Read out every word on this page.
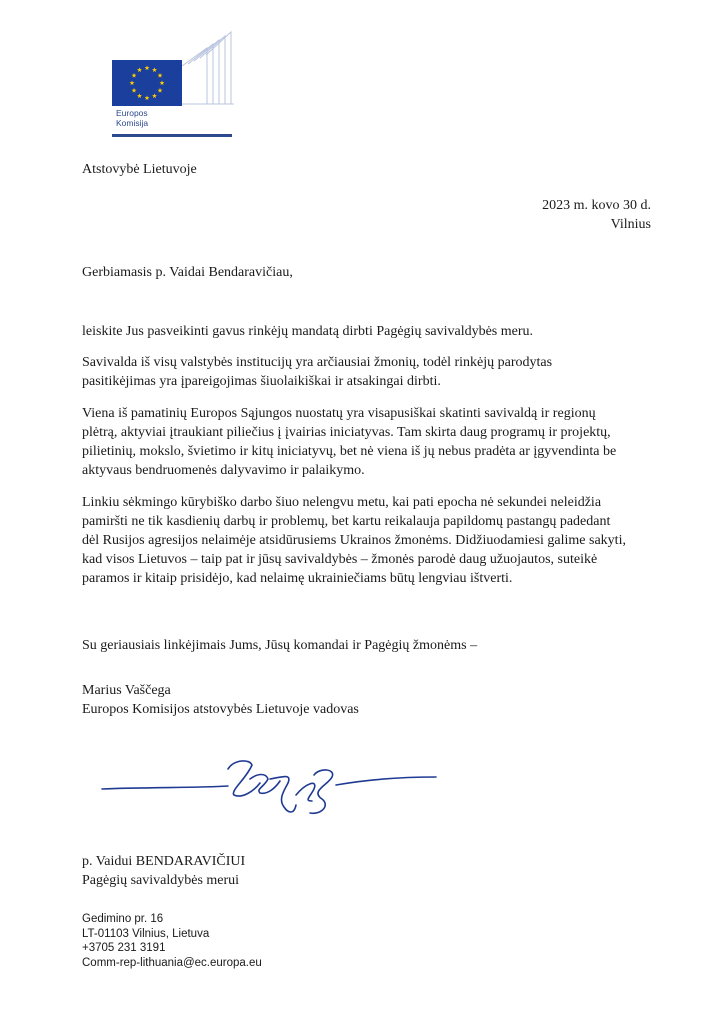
Europos
Komisija
Atstovybė Lietuvoje
2023 m. kovo 30 d.
Vilnius
Gerbiamasis p. Vaidai Bendaravičiau,
leiskite Jus pasveikinti gavus rinkėjų mandatą dirbti Pagėgių savivaldybės meru.
Savivalda iš visų valstybės institucijų yra arčiausiai žmonių, todėl rinkėjų parodytas
pasitikėjimas yra įpareigojimas šiuolaikiškai ir atsakingai dirbti.
Viena iš pamatinių Europos Sąjungos nuostatų yra visapusiškai skatinti savivaldą ir regionų
plėtrą, aktyviai įtraukiant piliečius į įvairias iniciatyvas. Tam skirta daug programų ir projektų,
pilietinių, mokslo, švietimo ir kitų iniciatyvų, bet nė viena iš jų nebus pradėta ar įgyvendinta be
aktyvaus bendruomenės dalyvavimo ir palaikymo.
Linkiu sėkmingo kūrybiško darbo šiuo nelengvu metu, kai pati epocha nė sekundei neleidžia
pamiršti ne tik kasdienių darbų ir problemų, bet kartu reikalauja papildomų pastangų padedant
dėl Rusijos agresijos nelaimėje atsidūrusiems Ukrainos žmonėms. Didžiuodamiesi galime sakyti,
kad visos Lietuvos – taip pat ir jūsų savivaldybės – žmonės parodė daug užuojautos, suteikė
paramos ir kitaip prisidėjo, kad nelaimę ukrainiečiams būtų lengviau ištverti.
Su geriausiais linkėjimais Jums, Jūsų komandai ir Pagėgių žmonėms –
Marius Vaščega
Europos Komisijos atstovybės Lietuvoje vadovas
p. Vaidui BENDARAVIČIUI
Pagėgių savivaldybės merui
Gedimino pr. 16
LT-01103 Vilnius, Lietuva
+3705 231 3191
Comm-rep-lithuania@ec.europa.eu
